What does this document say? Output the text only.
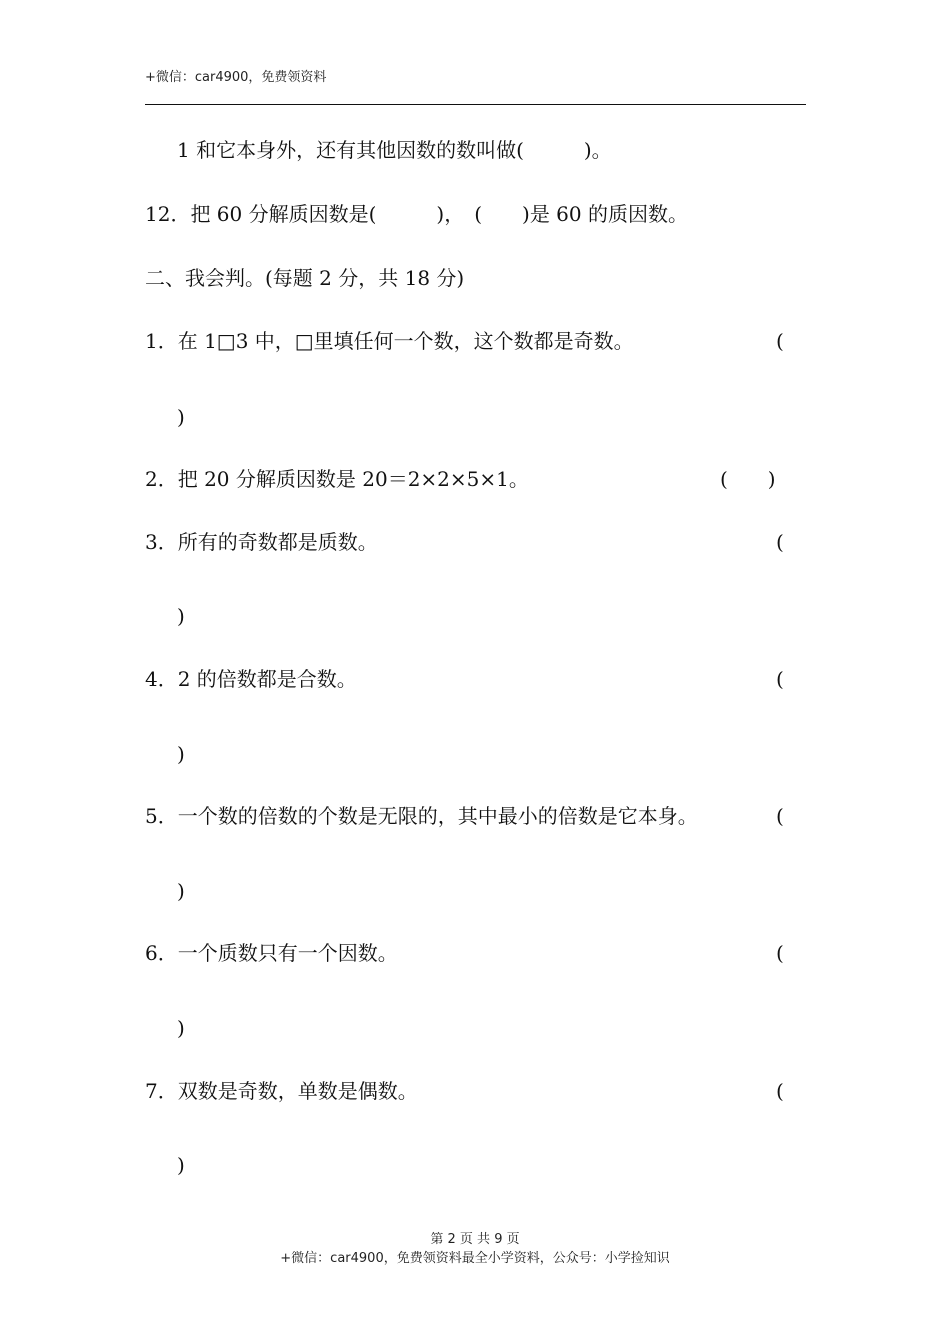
+微信：car4900，免费领资料
1 和它本身外，还有其他因数的数叫做(　　　)。
12．把 60 分解质因数是(　　　)，　(　　)是 60 的质因数。
二、我会判。(每题 2 分，共 18 分)
1．在 1□3 中，□里填任何一个数，这个数都是奇数。	(
)
2．把 20 分解质因数是 20＝2×2×5×1。	(　　)
3．所有的奇数都是质数。	(
)
4．2 的倍数都是合数。	(
)
5．一个数的倍数的个数是无限的，其中最小的倍数是它本身。	(
)
6．一个质数只有一个因数。	(
)
7．双数是奇数，单数是偶数。	(
)
第 2 页 共 9 页
+微信：car4900，免费领资料最全小学资料，公众号：小学捡知识
